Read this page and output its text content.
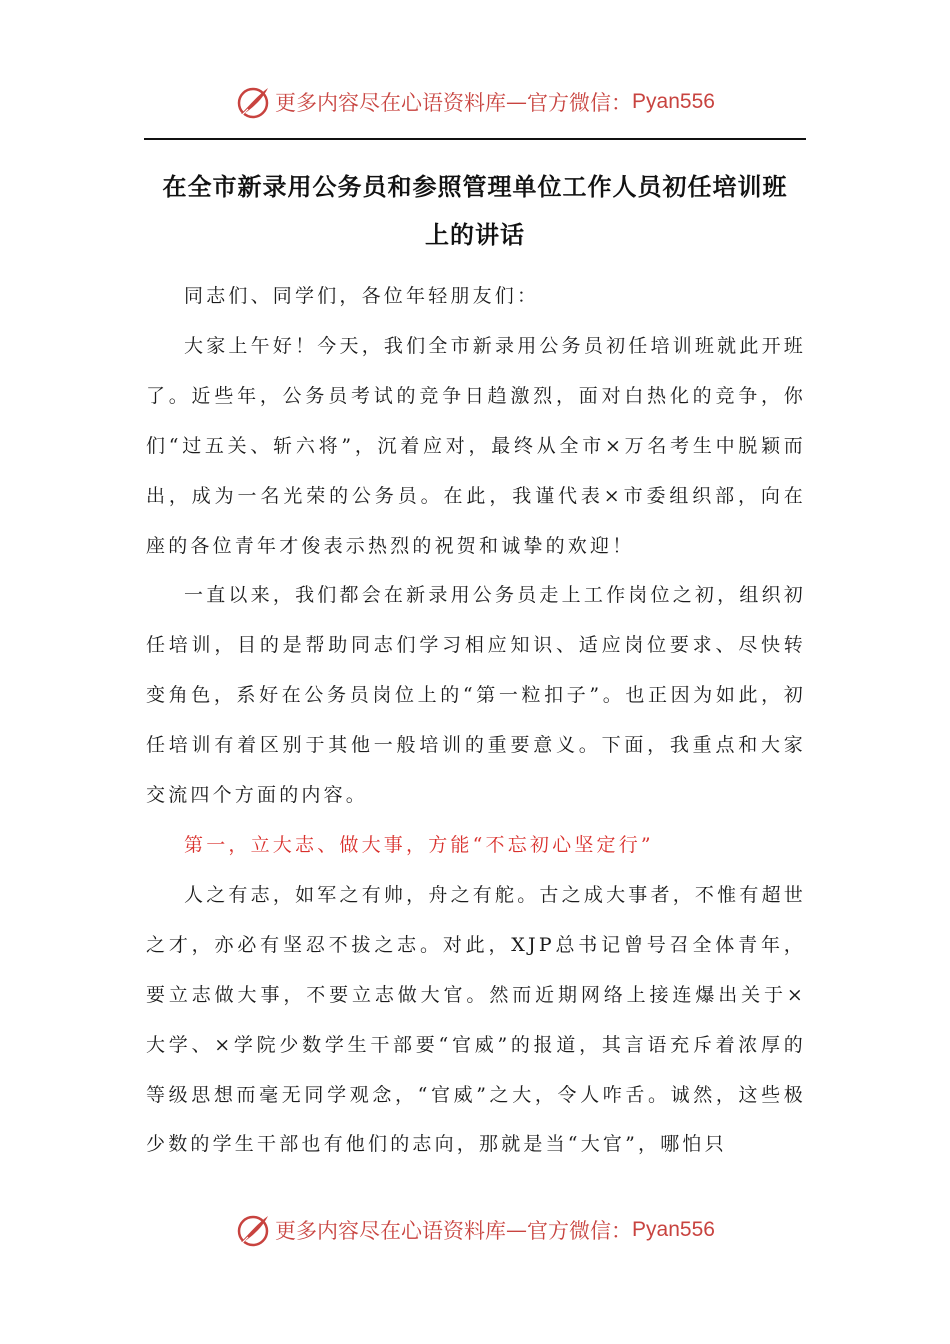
更多内容尽在心语资料库 — 官方微信： Pyan556
在全市新录用公务员和参照管理单位工作人员初任培训班
上的讲话

同志们、同学们，各位年轻朋友们：

大家上午好！今天，我们全市新录用公务员初任培训班就此开班了。近些年，公务员考试的竞争日趋激烈，面对白热化的竞争，你们“过五关、斩六将”，沉着应对，最终从全市×万名考生中脱颖而出，成为一名光荣的公务员。在此，我谨代表×市委组织部，向在座的各位青年才俊表示热烈的祝贺和诚挚的欢迎！

一直以来，我们都会在新录用公务员走上工作岗位之初，组织初任培训，目的是帮助同志们学习相应知识、适应岗位要求、尽快转变角色，系好在公务员岗位上的“第一粒扣子”。也正因为如此，初任培训有着区别于其他一般培训的重要意义。下面，我重点和大家交流四个方面的内容。

第一，立大志、做大事，方能“不忘初心坚定行”

人之有志，如军之有帅，舟之有舵。古之成大事者，不惟有超世之才，亦必有坚忍不拔之志。对此，XJP总书记曾号召全体青年，要立志做大事，不要立志做大官。然而近期网络上接连爆出关于×大学、×学院少数学生干部要“官威”的报道，其言语充斥着浓厚的等级思想而毫无同学观念，“官威”之大，令人咋舌。诚然，这些极少数的学生干部也有他们的志向，那就是当“大官”，哪怕只

更多内容尽在心语资料库 — 官方微信： Pyan556
